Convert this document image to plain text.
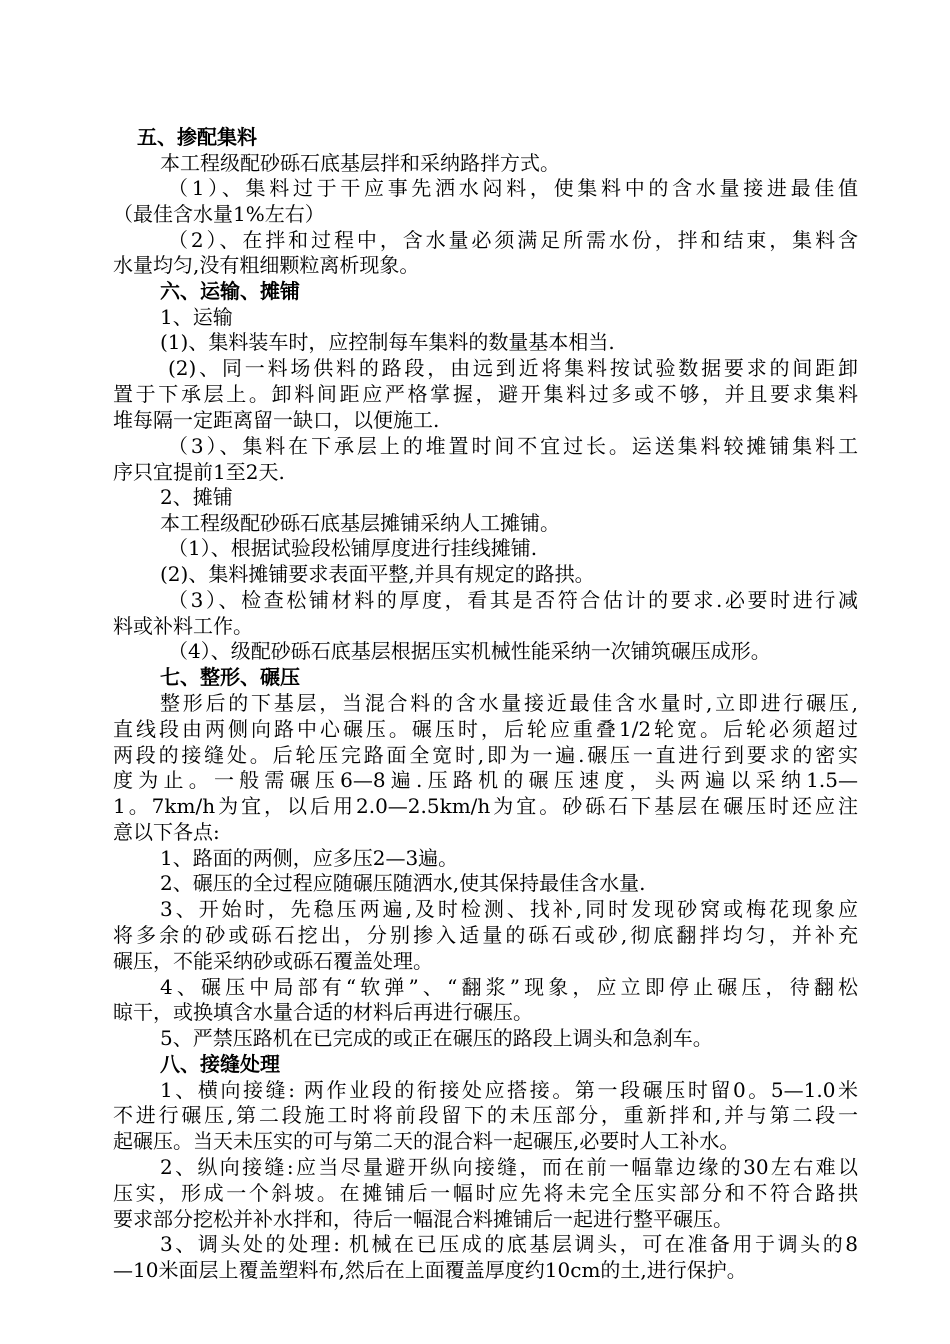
五、掺配集料
本工程级配砂砾石底基层拌和采纳路拌方式。
（1）、集料过于干应事先洒水闷料，使集料中的含水量接进最佳值
（最佳含水量1%左右）
（2）、在拌和过程中，含水量必须满足所需水份，拌和结束，集料含
水量均匀,没有粗细颗粒离析现象。
六、运输、摊铺
1、运输
(1)、集料装车时，应控制每车集料的数量基本相当.
(2)、同一料场供料的路段，由远到近将集料按试验数据要求的间距卸
置于下承层上。卸料间距应严格掌握，避开集料过多或不够，并且要求集料
堆每隔一定距离留一缺口，以便施工.
（3）、集料在下承层上的堆置时间不宜过长。运送集料较摊铺集料工
序只宜提前1至2天.
2、摊铺
本工程级配砂砾石底基层摊铺采纳人工摊铺。
（1）、根据试验段松铺厚度进行挂线摊铺.
(2)、集料摊铺要求表面平整,并具有规定的路拱。
（3）、检查松铺材料的厚度，看其是否符合估计的要求.必要时进行减
料或补料工作。
（4）、级配砂砾石底基层根据压实机械性能采纳一次铺筑碾压成形。
七、整形、碾压
整形后的下基层，当混合料的含水量接近最佳含水量时,立即进行碾压,
直线段由两侧向路中心碾压。碾压时，后轮应重叠1/2轮宽。后轮必须超过
两段的接缝处。后轮压完路面全宽时,即为一遍.碾压一直进行到要求的密实
度为止。一般需碾压6—8遍.压路机的碾压速度，头两遍以采纳1.5—
1。7km/h为宜，以后用2.0—2.5km/h为宜。砂砾石下基层在碾压时还应注
意以下各点:
1、路面的两侧，应多压2—3遍。
2、碾压的全过程应随碾压随洒水,使其保持最佳含水量.
3、开始时，先稳压两遍,及时检测、找补,同时发现砂窝或梅花现象应
将多余的砂或砾石挖出，分别掺入适量的砾石或砂,彻底翻拌均匀，并补充
碾压，不能采纳砂或砾石覆盖处理。
4、碾压中局部有“软弹”、“翻浆”现象，应立即停止碾压，待翻松
晾干，或换填含水量合适的材料后再进行碾压。
5、严禁压路机在已完成的或正在碾压的路段上调头和急刹车。
八、接缝处理
1、横向接缝: 两作业段的衔接处应搭接。第一段碾压时留0。5—1.0米
不进行碾压,第二段施工时将前段留下的未压部分，重新拌和,并与第二段一
起碾压。当天未压实的可与第二天的混合料一起碾压,必要时人工补水。
2、纵向接缝:应当尽量避开纵向接缝，而在前一幅靠边缘的30左右难以
压实，形成一个斜坡。在摊铺后一幅时应先将未完全压实部分和不符合路拱
要求部分挖松并补水拌和，待后一幅混合料摊铺后一起进行整平碾压。
3、调头处的处理: 机械在已压成的底基层调头，可在准备用于调头的8
—10米面层上覆盖塑料布,然后在上面覆盖厚度约10cm的土,进行保护。
